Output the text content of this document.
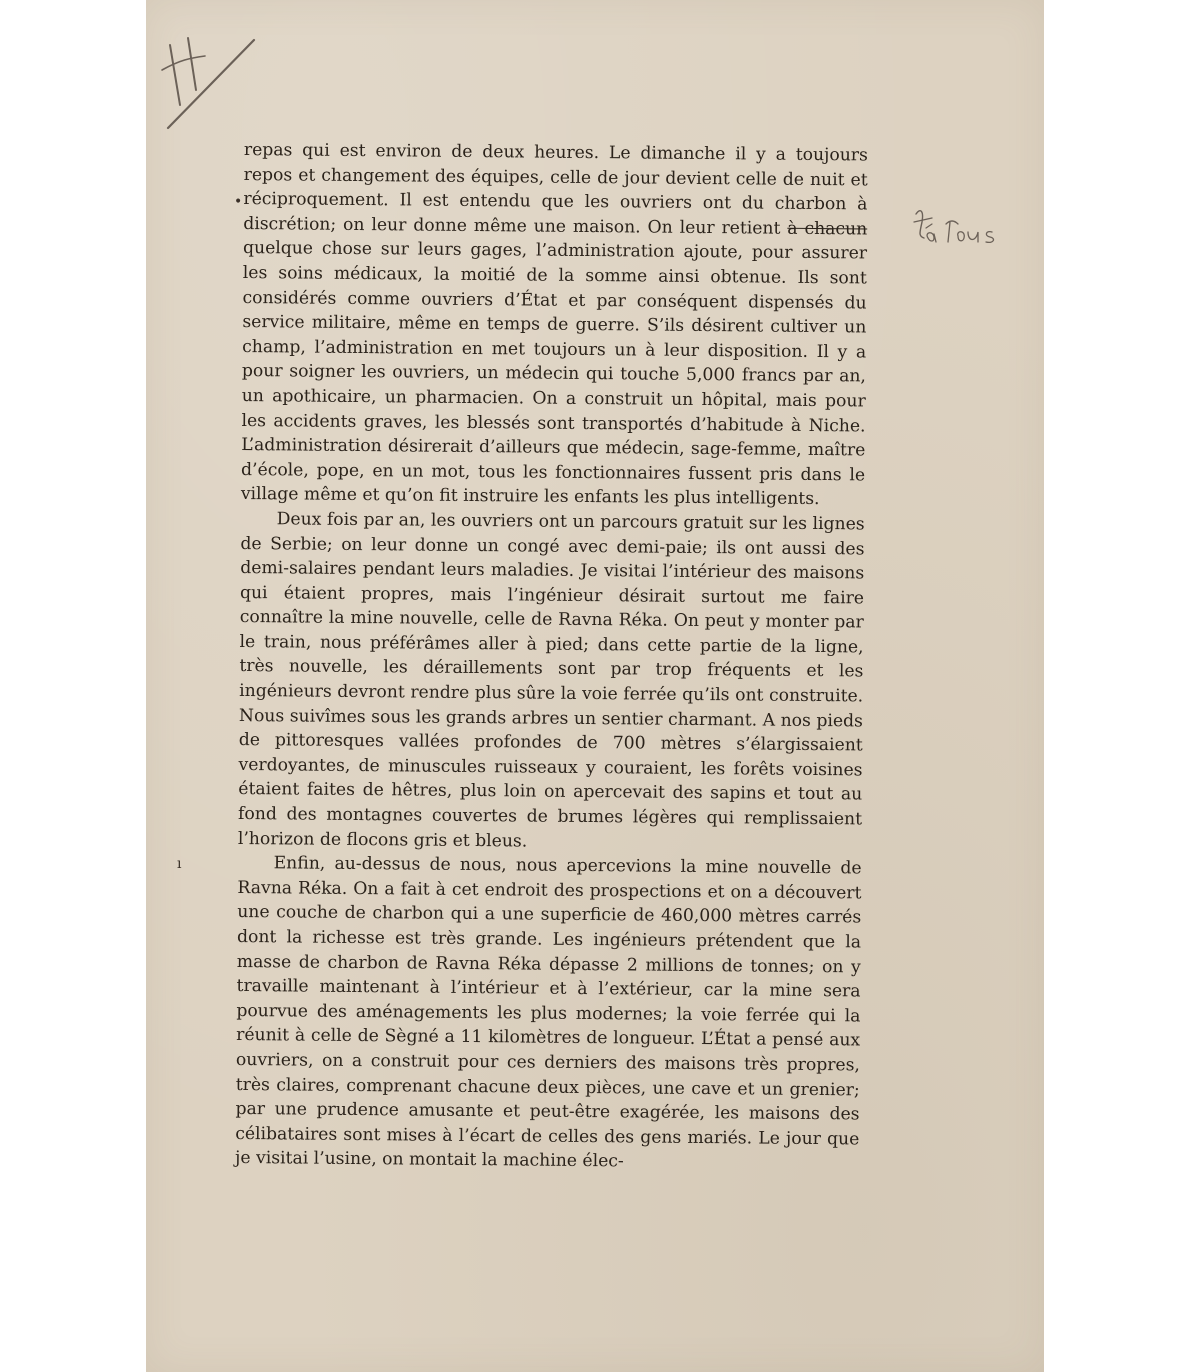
•
ı

repas qui est environ de deux heures. Le dimanche il y a toujours repos et changement des équipes, celle de jour devient celle de nuit et réciproquement. Il est entendu que les ouvriers ont du charbon à discrétion; on leur donne même une maison. On leur retient à chacun quelque chose sur leurs gages, l’administration ajoute, pour assurer les soins médicaux, la moitié de la somme ainsi obtenue. Ils sont considérés comme ouvriers d’État et par conséquent dispensés du service militaire, même en temps de guerre. S’ils désirent cultiver un champ, l’administration en met toujours un à leur disposition. Il y a pour soigner les ouvriers, un médecin qui touche 5,000 francs par an, un apothicaire, un pharmacien. On a construit un hôpital, mais pour les accidents graves, les blessés sont transportés d’habitude à Niche. L’administration désirerait d’ailleurs que médecin, sage-femme, maître d’école, pope, en un mot, tous les fonctionnaires fussent pris dans le village même et qu’on fit instruire les enfants les plus intelligents.

Deux fois par an, les ouvriers ont un parcours gratuit sur les lignes de Serbie; on leur donne un congé avec demi-paie; ils ont aussi des demi-salaires pendant leurs maladies. Je visitai l’intérieur des maisons qui étaient propres, mais l’ingénieur désirait surtout me faire connaître la mine nouvelle, celle de Ravna Réka. On peut y monter par le train, nous préférâmes aller à pied; dans cette partie de la ligne, très nouvelle, les déraillements sont par trop fréquents et les ingénieurs devront rendre plus sûre la voie ferrée qu’ils ont construite. Nous suivîmes sous les grands arbres un sentier charmant. A nos pieds de pittoresques vallées profondes de 700 mètres s’élargissaient verdoyantes, de minuscules ruisseaux y couraient, les forêts voisines étaient faites de hêtres, plus loin on apercevait des sapins et tout au fond des montagnes couvertes de brumes légères qui remplissaient l’horizon de flocons gris et bleus.

Enfin, au-dessus de nous, nous apercevions la mine nouvelle de Ravna Réka. On a fait à cet endroit des prospections et on a découvert une couche de charbon qui a une superficie de 460,000 mètres carrés dont la richesse est très grande. Les ingénieurs prétendent que la masse de charbon de Ravna Réka dépasse 2 millions de tonnes; on y travaille maintenant à l’intérieur et à l’extérieur, car la mine sera pourvue des aménagements les plus modernes; la voie ferrée qui la réunit à celle de Sègné a 11 kilomètres de longueur. L’État a pensé aux ouvriers, on a construit pour ces derniers des maisons très propres, très claires, comprenant chacune deux pièces, une cave et un grenier; par une prudence amusante et peut-être exagérée, les maisons des célibataires sont mises à l’écart de celles des gens mariés. Le jour que je visitai l’usine, on montait la machine élec-
